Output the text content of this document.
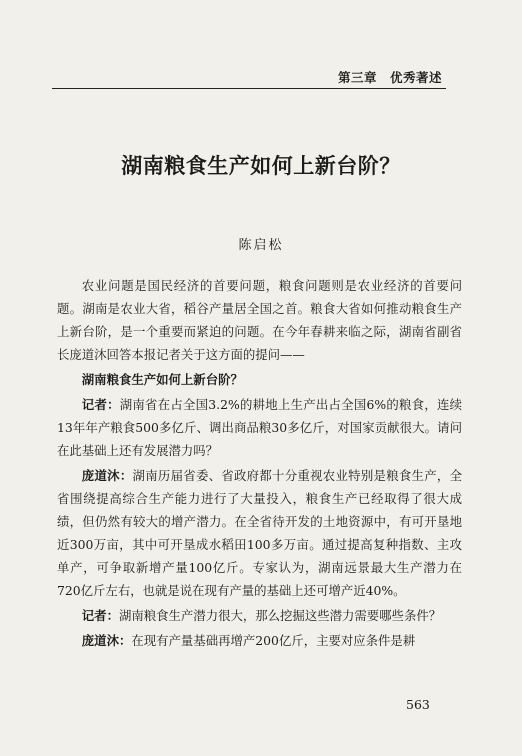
第三章　优秀著述
湖南粮食生产如何上新台阶？
陈启松

农业问题是国民经济的首要问题，粮食问题则是农业经济的首要问题。湖南是农业大省，稻谷产量居全国之首。粮食大省如何推动粮食生产上新台阶，是一个重要而紧迫的问题。在今年春耕来临之际，湖南省副省长庞道沐回答本报记者关于这方面的提问——

湖南粮食生产如何上新台阶？

记者：湖南省在占全国3.2%的耕地上生产出占全国6%的粮食，连续13年年产粮食500多亿斤、调出商品粮30多亿斤，对国家贡献很大。请问在此基础上还有发展潜力吗？

庞道沐：湖南历届省委、省政府都十分重视农业特别是粮食生产，全省围绕提高综合生产能力进行了大量投入，粮食生产已经取得了很大成绩，但仍然有较大的增产潜力。在全省待开发的土地资源中，有可开垦地近300万亩，其中可开垦成水稻田100多万亩。通过提高复种指数、主攻单产，可争取新增产量100亿斤。专家认为，湖南远景最大生产潜力在720亿斤左右，也就是说在现有产量的基础上还可增产近40%。

记者：湖南粮食生产潜力很大，那么挖掘这些潜力需要哪些条件？

庞道沐：在现有产量基础再增产200亿斤，主要对应条件是耕

563
